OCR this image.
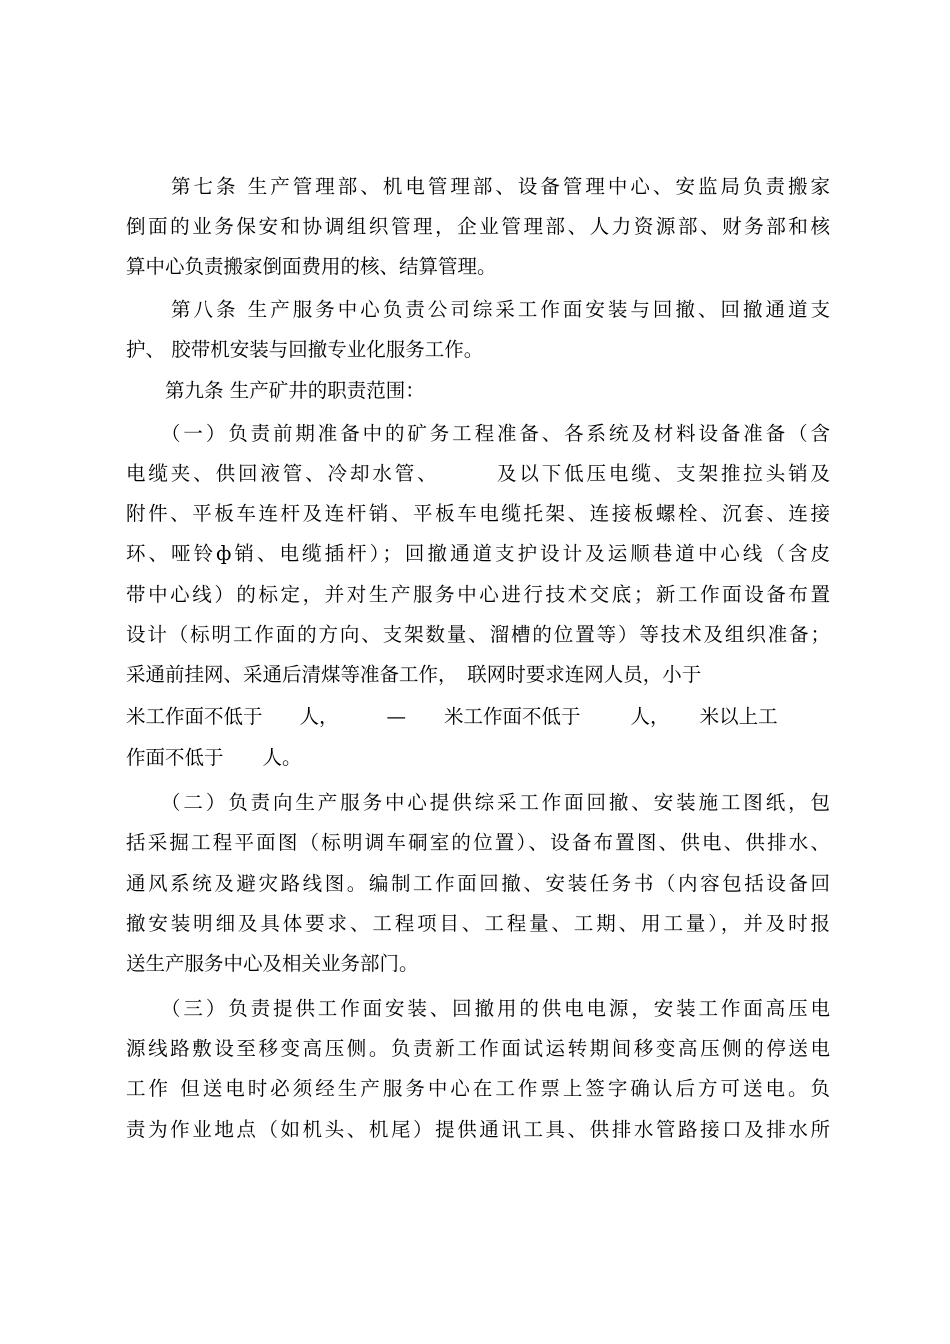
　　第七条 生产管理部、机电管理部、设备管理中心、安监局负责搬家
倒面的业务保安和协调组织管理，企业管理部、人力资源部、财务部和核
算中心负责搬家倒面费用的核、结算管理。
　　第八条 生产服务中心负责公司综采工作面安装与回撤、回撤通道支
护、 胶带机安装与回撤专业化服务工作。
　　第九条 生产矿井的职责范围：
　　（一）负责前期准备中的矿务工程准备、各系统及材料设备准备（含
电缆夹、供回液管、冷却水管、　　　及以下低压电缆、支架推拉头销及
附件、平板车连杆及连杆销、平板车电缆托架、连接板螺栓、沉套、连接
环、哑铃ф销、电缆插杆）；回撤通道支护设计及运顺巷道中心线（含皮
带中心线）的标定，并对生产服务中心进行技术交底；新工作面设备布置
设计（标明工作面的方向、支架数量、溜槽的位置等）等技术及组织准备；
采通前挂网、采通后清煤等准备工作，　联网时要求连网人员，小于
米工作面不低于 人， — 米工作面不低于	人， 米以上工
作面不低于　　人。
　　（二）负责向生产服务中心提供综采工作面回撤、安装施工图纸，包
括采掘工程平面图（标明调车硐室的位置）、设备布置图、供电、供排水、
通风系统及避灾路线图。编制工作面回撤、安装任务书（内容包括设备回
撤安装明细及具体要求、工程项目、工程量、工期、用工量），并及时报
送生产服务中心及相关业务部门。
　　（三）负责提供工作面安装、回撤用的供电电源，安装工作面高压电
源线路敷设至移变高压侧。负责新工作面试运转期间移变高压侧的停送电
工作 但送电时必须经生产服务中心在工作票上签字确认后方可送电。负
责为作业地点（如机头、机尾）提供通讯工具、供排水管路接口及排水所
